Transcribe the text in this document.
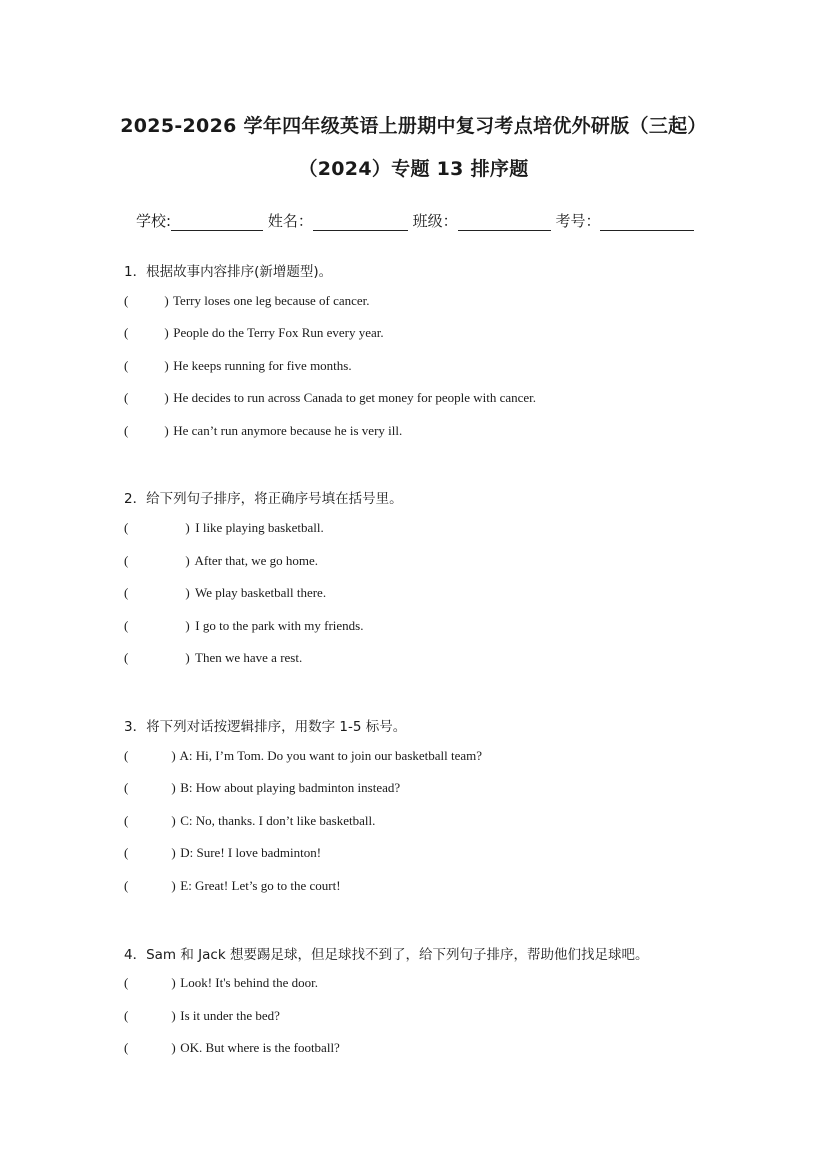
2025-2026 学年四年级英语上册期中复习考点培优外研版（三起）
（2024）专题 13 排序题
学校:	姓名：	班级：	考号：
1．根据故事内容排序(新增题型)。
(	) Terry loses one leg because of cancer.
(	) People do the Terry Fox Run every year.
(	) He keeps running for five months.
(	) He decides to run across Canada to get money for people with cancer.
(	) He can’t run anymore because he is very ill.
2．给下列句子排序，将正确序号填在括号里。
(	) I like playing basketball.
(	) After that, we go home.
(	) We play basketball there.
(	) I go to the park with my friends.
(	) Then we have a rest.
3．将下列对话按逻辑排序，用数字 1-5 标号。
(	) A: Hi, I’m Tom. Do you want to join our basketball team?
(	) B: How about playing badminton instead?
(	) C: No, thanks. I don’t like basketball.
(	) D: Sure! I love badminton!
(	) E: Great! Let’s go to the court!
4．Sam 和 Jack 想要踢足球，但足球找不到了，给下列句子排序，帮助他们找足球吧。
(	) Look! It's behind the door.
(	) Is it under the bed?
(	) OK. But where is the football?
